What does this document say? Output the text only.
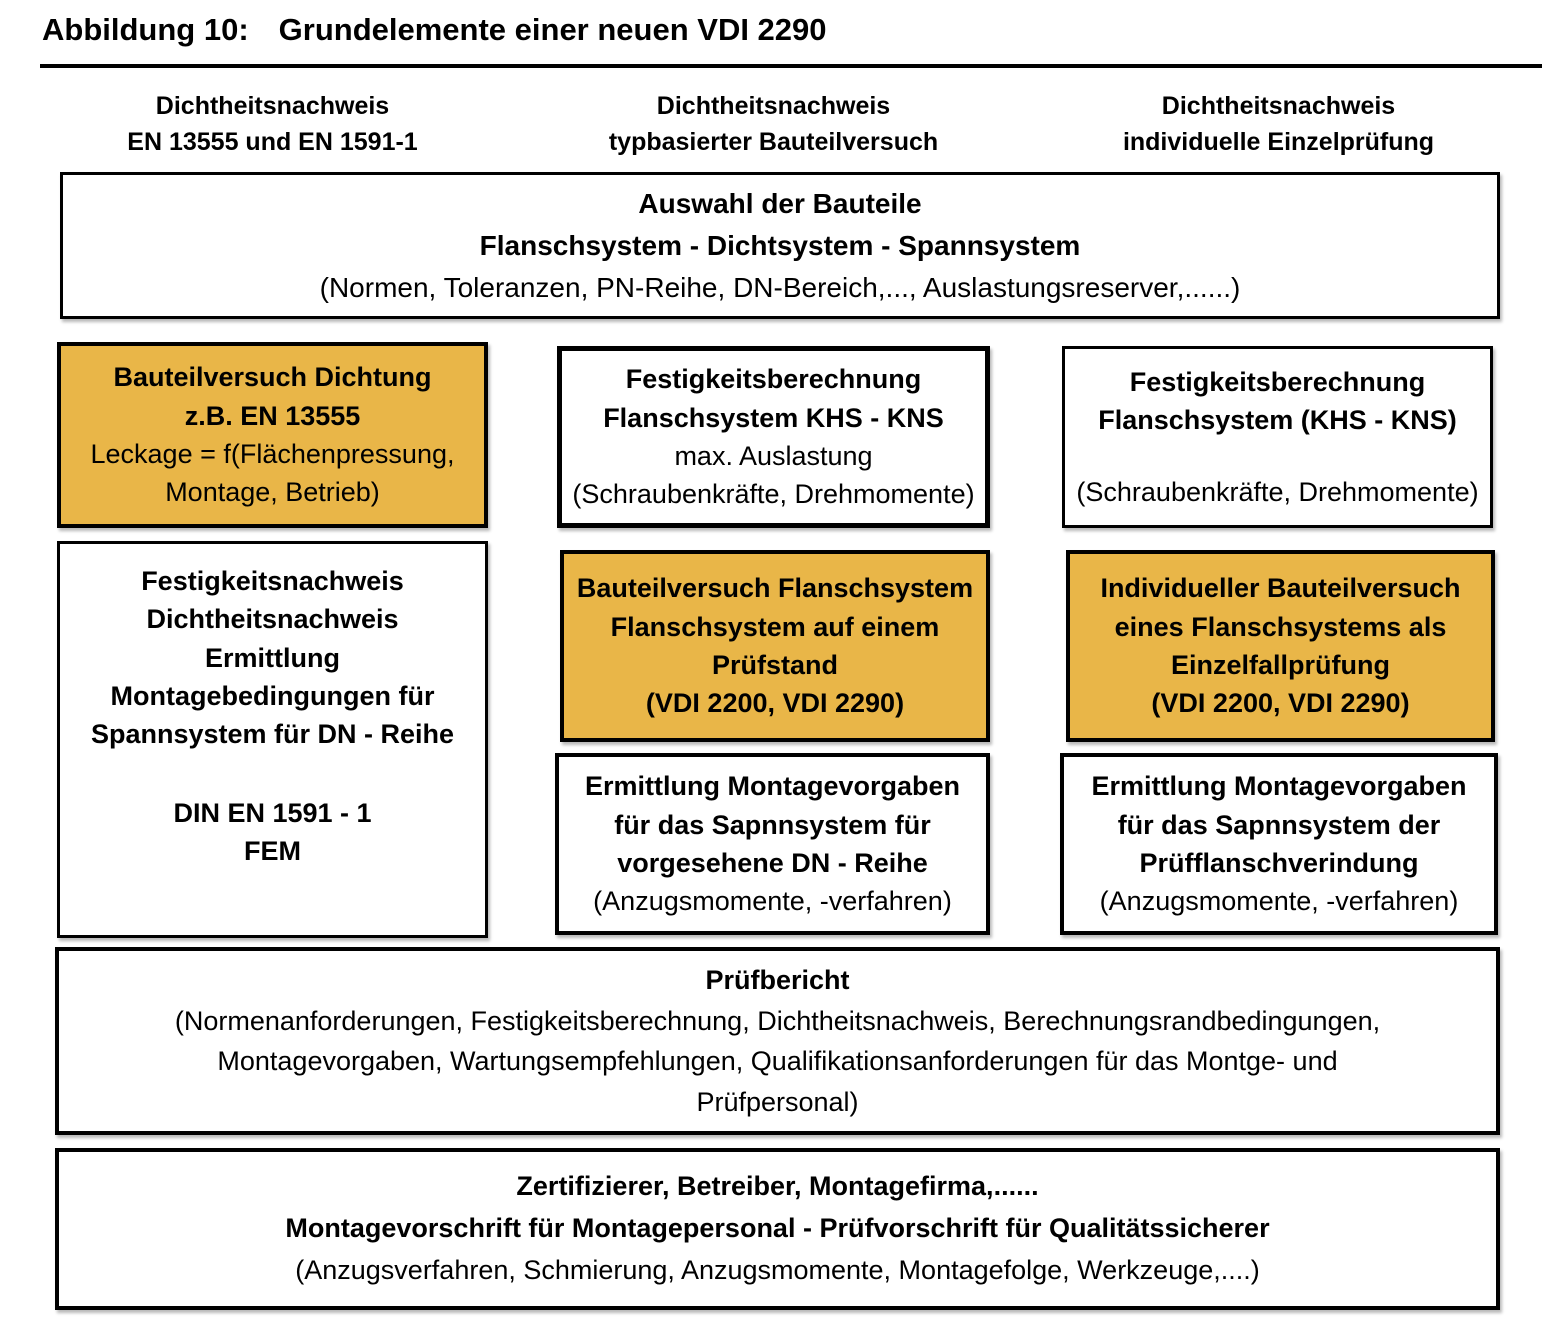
Abbildung 10: Grundelemente einer neuen VDI 2290
Dichtheitsnachweis
EN 13555 und EN 1591-1
Dichtheitsnachweis
typbasierter Bauteilversuch
Dichtheitsnachweis
individuelle Einzelprüfung
Auswahl der Bauteile
Flanschsystem - Dichtsystem - Spannsystem
(Normen, Toleranzen, PN-Reihe, DN-Bereich,..., Auslastungsreserver,......)
Bauteilversuch Dichtung
z.B. EN 13555
Leckage = f(Flächenpressung,
Montage, Betrieb)
Festigkeitsberechnung
Flanschsystem KHS - KNS
max. Auslastung
(Schraubenkräfte, Drehmomente)
Festigkeitsberechnung
Flanschsystem (KHS - KNS)
(Schraubenkräfte, Drehmomente)
Festigkeitsnachweis
Dichtheitsnachweis
Ermittlung
Montagebedingungen für
Spannsystem für DN - Reihe
DIN EN 1591 - 1
FEM
Bauteilversuch Flanschsystem
Flanschsystem auf einem
Prüfstand
(VDI 2200, VDI 2290)
Individueller Bauteilversuch
eines Flanschsystems als
Einzelfallprüfung
(VDI 2200, VDI 2290)
Ermittlung Montagevorgaben
für das Sapnnsystem für
vorgesehene DN - Reihe
(Anzugsmomente, -verfahren)
Ermittlung Montagevorgaben
für das Sapnnsystem der
Prüfflanschverindung
(Anzugsmomente, -verfahren)
Prüfbericht
(Normenanforderungen, Festigkeitsberechnung, Dichtheitsnachweis, Berechnungsrandbedingungen,
Montagevorgaben, Wartungsempfehlungen, Qualifikationsanforderungen für das Montge- und
Prüfpersonal)
Zertifizierer, Betreiber, Montagefirma,......
Montagevorschrift für Montagepersonal - Prüfvorschrift für Qualitätssicherer
(Anzugsverfahren, Schmierung, Anzugsmomente, Montagefolge, Werkzeuge,....)
